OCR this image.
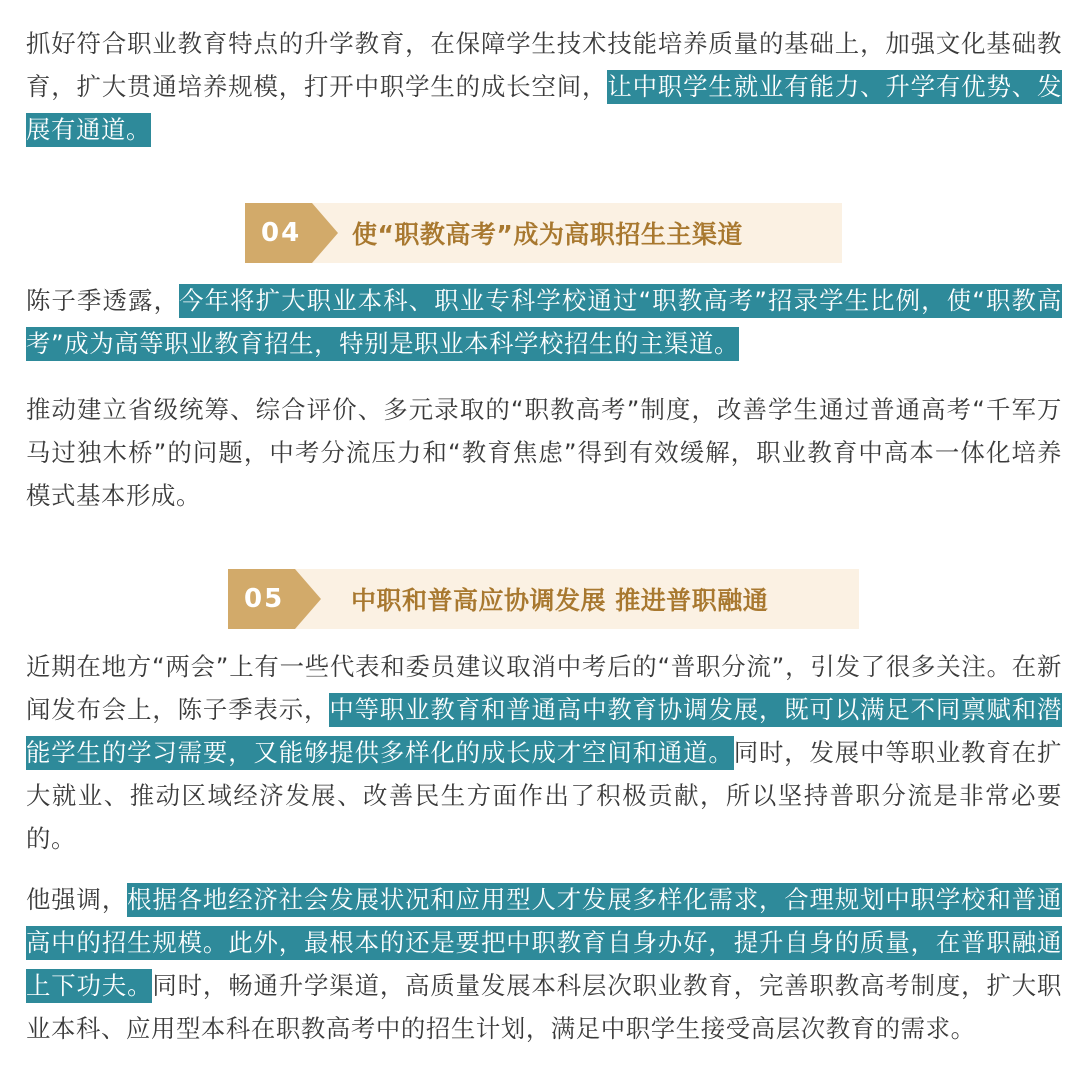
抓好符合职业教育特点的升学教育，在保障学生技术技能培养质量的基础上，加强文化基础教育，扩大贯通培养规模，打开中职学生的成长空间，让中职学生就业有能力、升学有优势、发展有通道。

04 使“职教高考”成为高职招生主渠道

陈子季透露，今年将扩大职业本科、职业专科学校通过“职教高考”招录学生比例，使“职教高考”成为高等职业教育招生，特别是职业本科学校招生的主渠道。

推动建立省级统筹、综合评价、多元录取的“职教高考”制度，改善学生通过普通高考“千军万马过独木桥”的问题，中考分流压力和“教育焦虑”得到有效缓解，职业教育中高本一体化培养模式基本形成。

05	中职和普高应协调发展 推进普职融通

近期在地方“两会”上有一些代表和委员建议取消中考后的“普职分流”，引发了很多关注。在新闻发布会上，陈子季表示，中等职业教育和普通高中教育协调发展，既可以满足不同禀赋和潜能学生的学习需要，又能够提供多样化的成长成才空间和通道。同时，发展中等职业教育在扩大就业、推动区域经济发展、改善民生方面作出了积极贡献，所以坚持普职分流是非常必要的。

他强调，根据各地经济社会发展状况和应用型人才发展多样化需求，合理规划中职学校和普通高中的招生规模。此外，最根本的还是要把中职教育自身办好，提升自身的质量，在普职融通上下功夫。同时，畅通升学渠道，高质量发展本科层次职业教育，完善职教高考制度，扩大职业本科、应用型本科在职教高考中的招生计划，满足中职学生接受高层次教育的需求。
